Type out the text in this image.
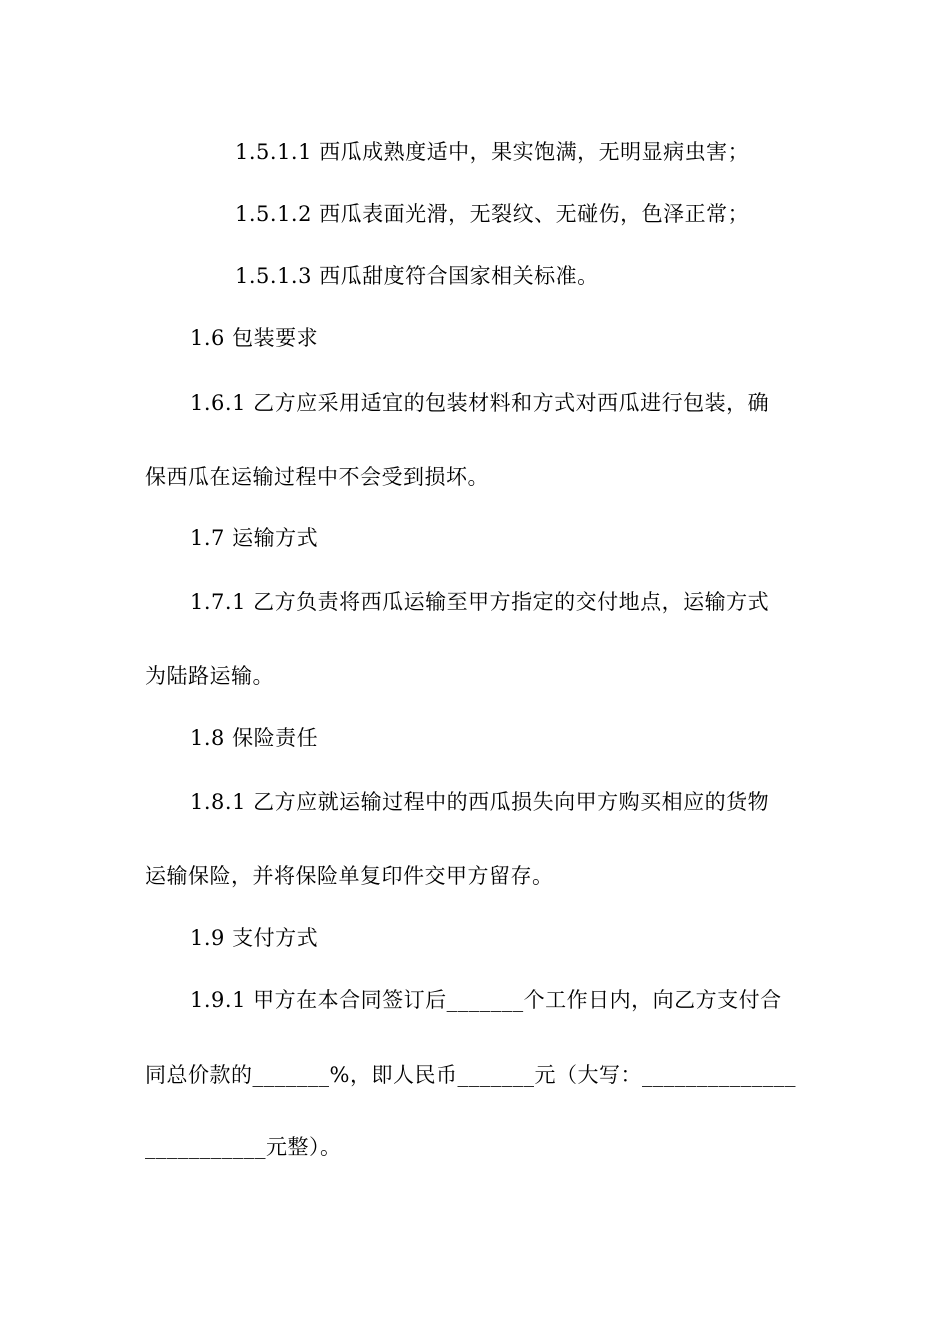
1.5.1.1 西瓜成熟度适中，果实饱满，无明显病虫害；
1.5.1.2 西瓜表面光滑，无裂纹、无碰伤，色泽正常；
1.5.1.3 西瓜甜度符合国家相关标准。
1.6 包装要求
1.6.1 乙方应采用适宜的包装材料和方式对西瓜进行包装，确
保西瓜在运输过程中不会受到损坏。
1.7 运输方式
1.7.1 乙方负责将西瓜运输至甲方指定的交付地点，运输方式
为陆路运输。
1.8 保险责任
1.8.1 乙方应就运输过程中的西瓜损失向甲方购买相应的货物
运输保险，并将保险单复印件交甲方留存。
1.9 支付方式
1.9.1 甲方在本合同签订后_______个工作日内，向乙方支付合
同总价款的_______%，即人民币_______元（大写：______________
___________元整）。
